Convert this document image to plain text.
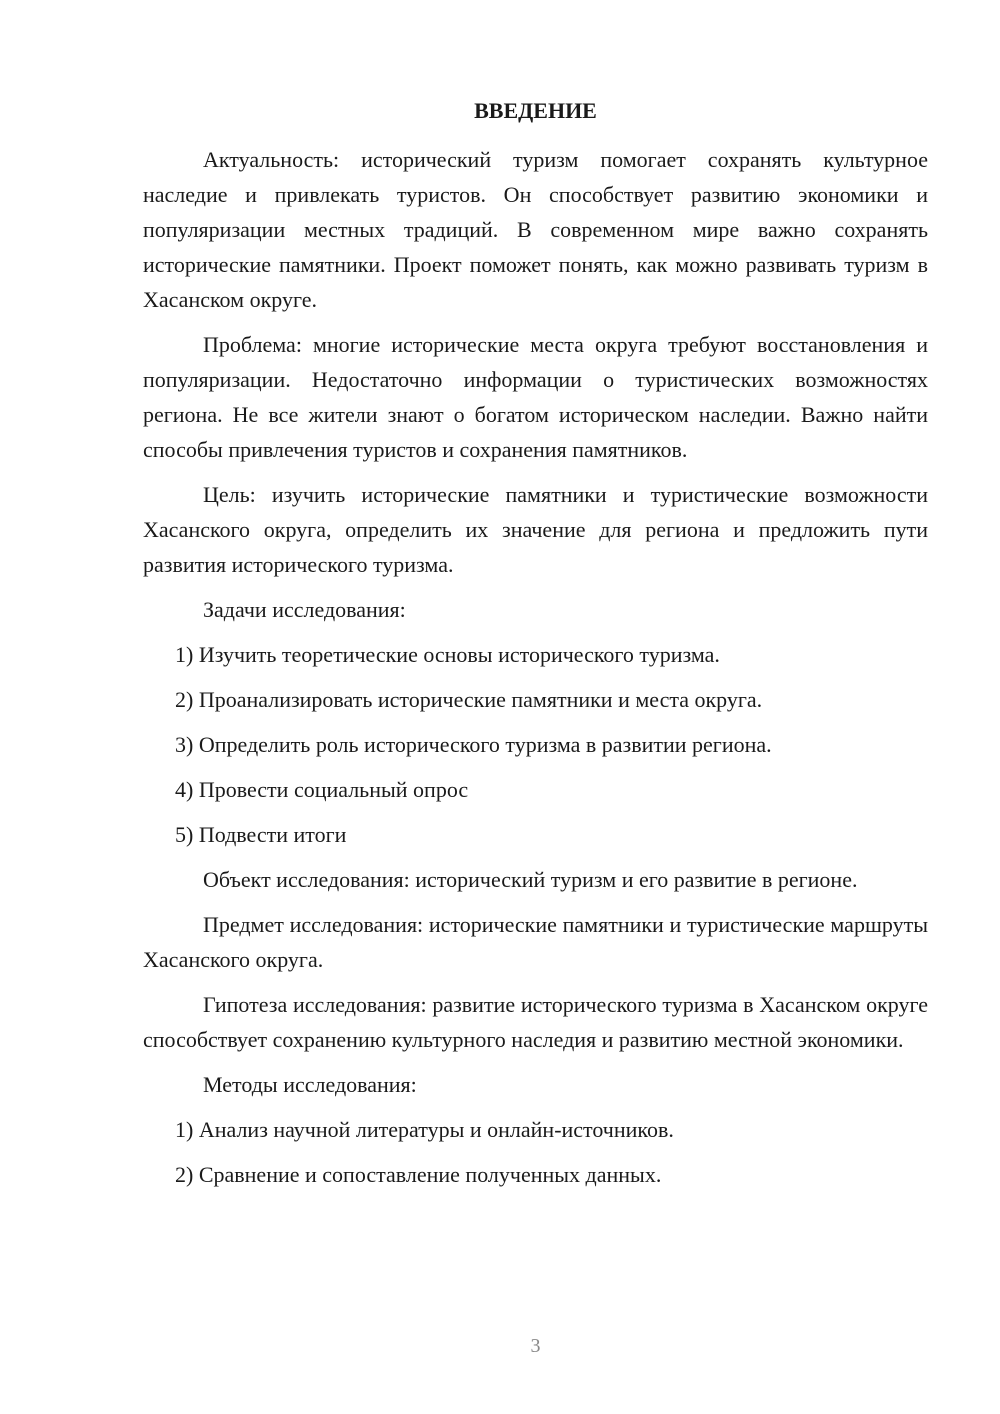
ВВЕДЕНИЕ

Актуальность: исторический туризм помогает сохранять культурное наследие и привлекать туристов. Он способствует развитию экономики и популяризации местных традиций. В современном мире важно сохранять исторические памятники. Проект поможет понять, как можно развивать туризм в Хасанском округе.

Проблема: многие исторические места округа требуют восстановления и популяризации. Недостаточно информации о туристических возможностях региона. Не все жители знают о богатом историческом наследии. Важно найти способы привлечения туристов и сохранения памятников.

Цель: изучить исторические памятники и туристические возможности Хасанского округа, определить их значение для региона и предложить пути развития исторического туризма.

Задачи исследования:

1) Изучить теоретические основы исторического туризма.

2) Проанализировать исторические памятники и места округа.

3) Определить роль исторического туризма в развитии региона.

4) Провести социальный опрос

5) Подвести итоги

Объект исследования: исторический туризм и его развитие в регионе.

Предмет исследования: исторические памятники и туристические маршруты Хасанского округа.

Гипотеза исследования: развитие исторического туризма в Хасанском округе способствует сохранению культурного наследия и развитию местной экономики.

Методы исследования:

1) Анализ научной литературы и онлайн-источников.

2) Сравнение и сопоставление полученных данных.

3
